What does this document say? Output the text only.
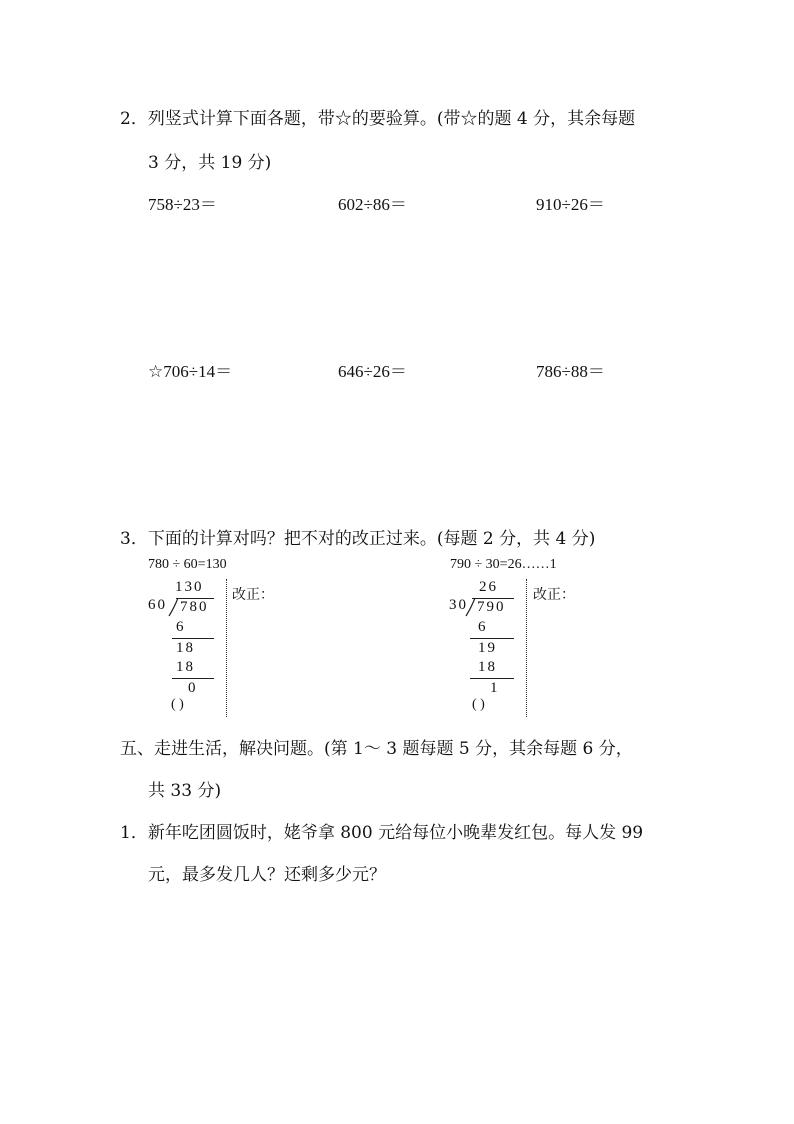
2．列竖式计算下面各题，带☆的要验算。(带☆的题 4 分，其余每题
3 分，共 19 分)
758÷23＝	602÷86＝	910÷26＝
☆706÷14＝	646÷26＝	786÷88＝
3．下面的计算对吗？把不对的改正过来。(每题 2 分，共 4 分)
780 ÷ 60=130
130
60 780
6
18
18
0
( )
改正：
790 ÷ 30=26……1
26
30 790
6
19
18
1
( )
改正：
五、走进生活，解决问题。(第 1～ 3 题每题 5 分，其余每题 6 分，
共 33 分)
1．新年吃团圆饭时，姥爷拿 800 元给每位小晚辈发红包。每人发 99
元，最多发几人？还剩多少元？
